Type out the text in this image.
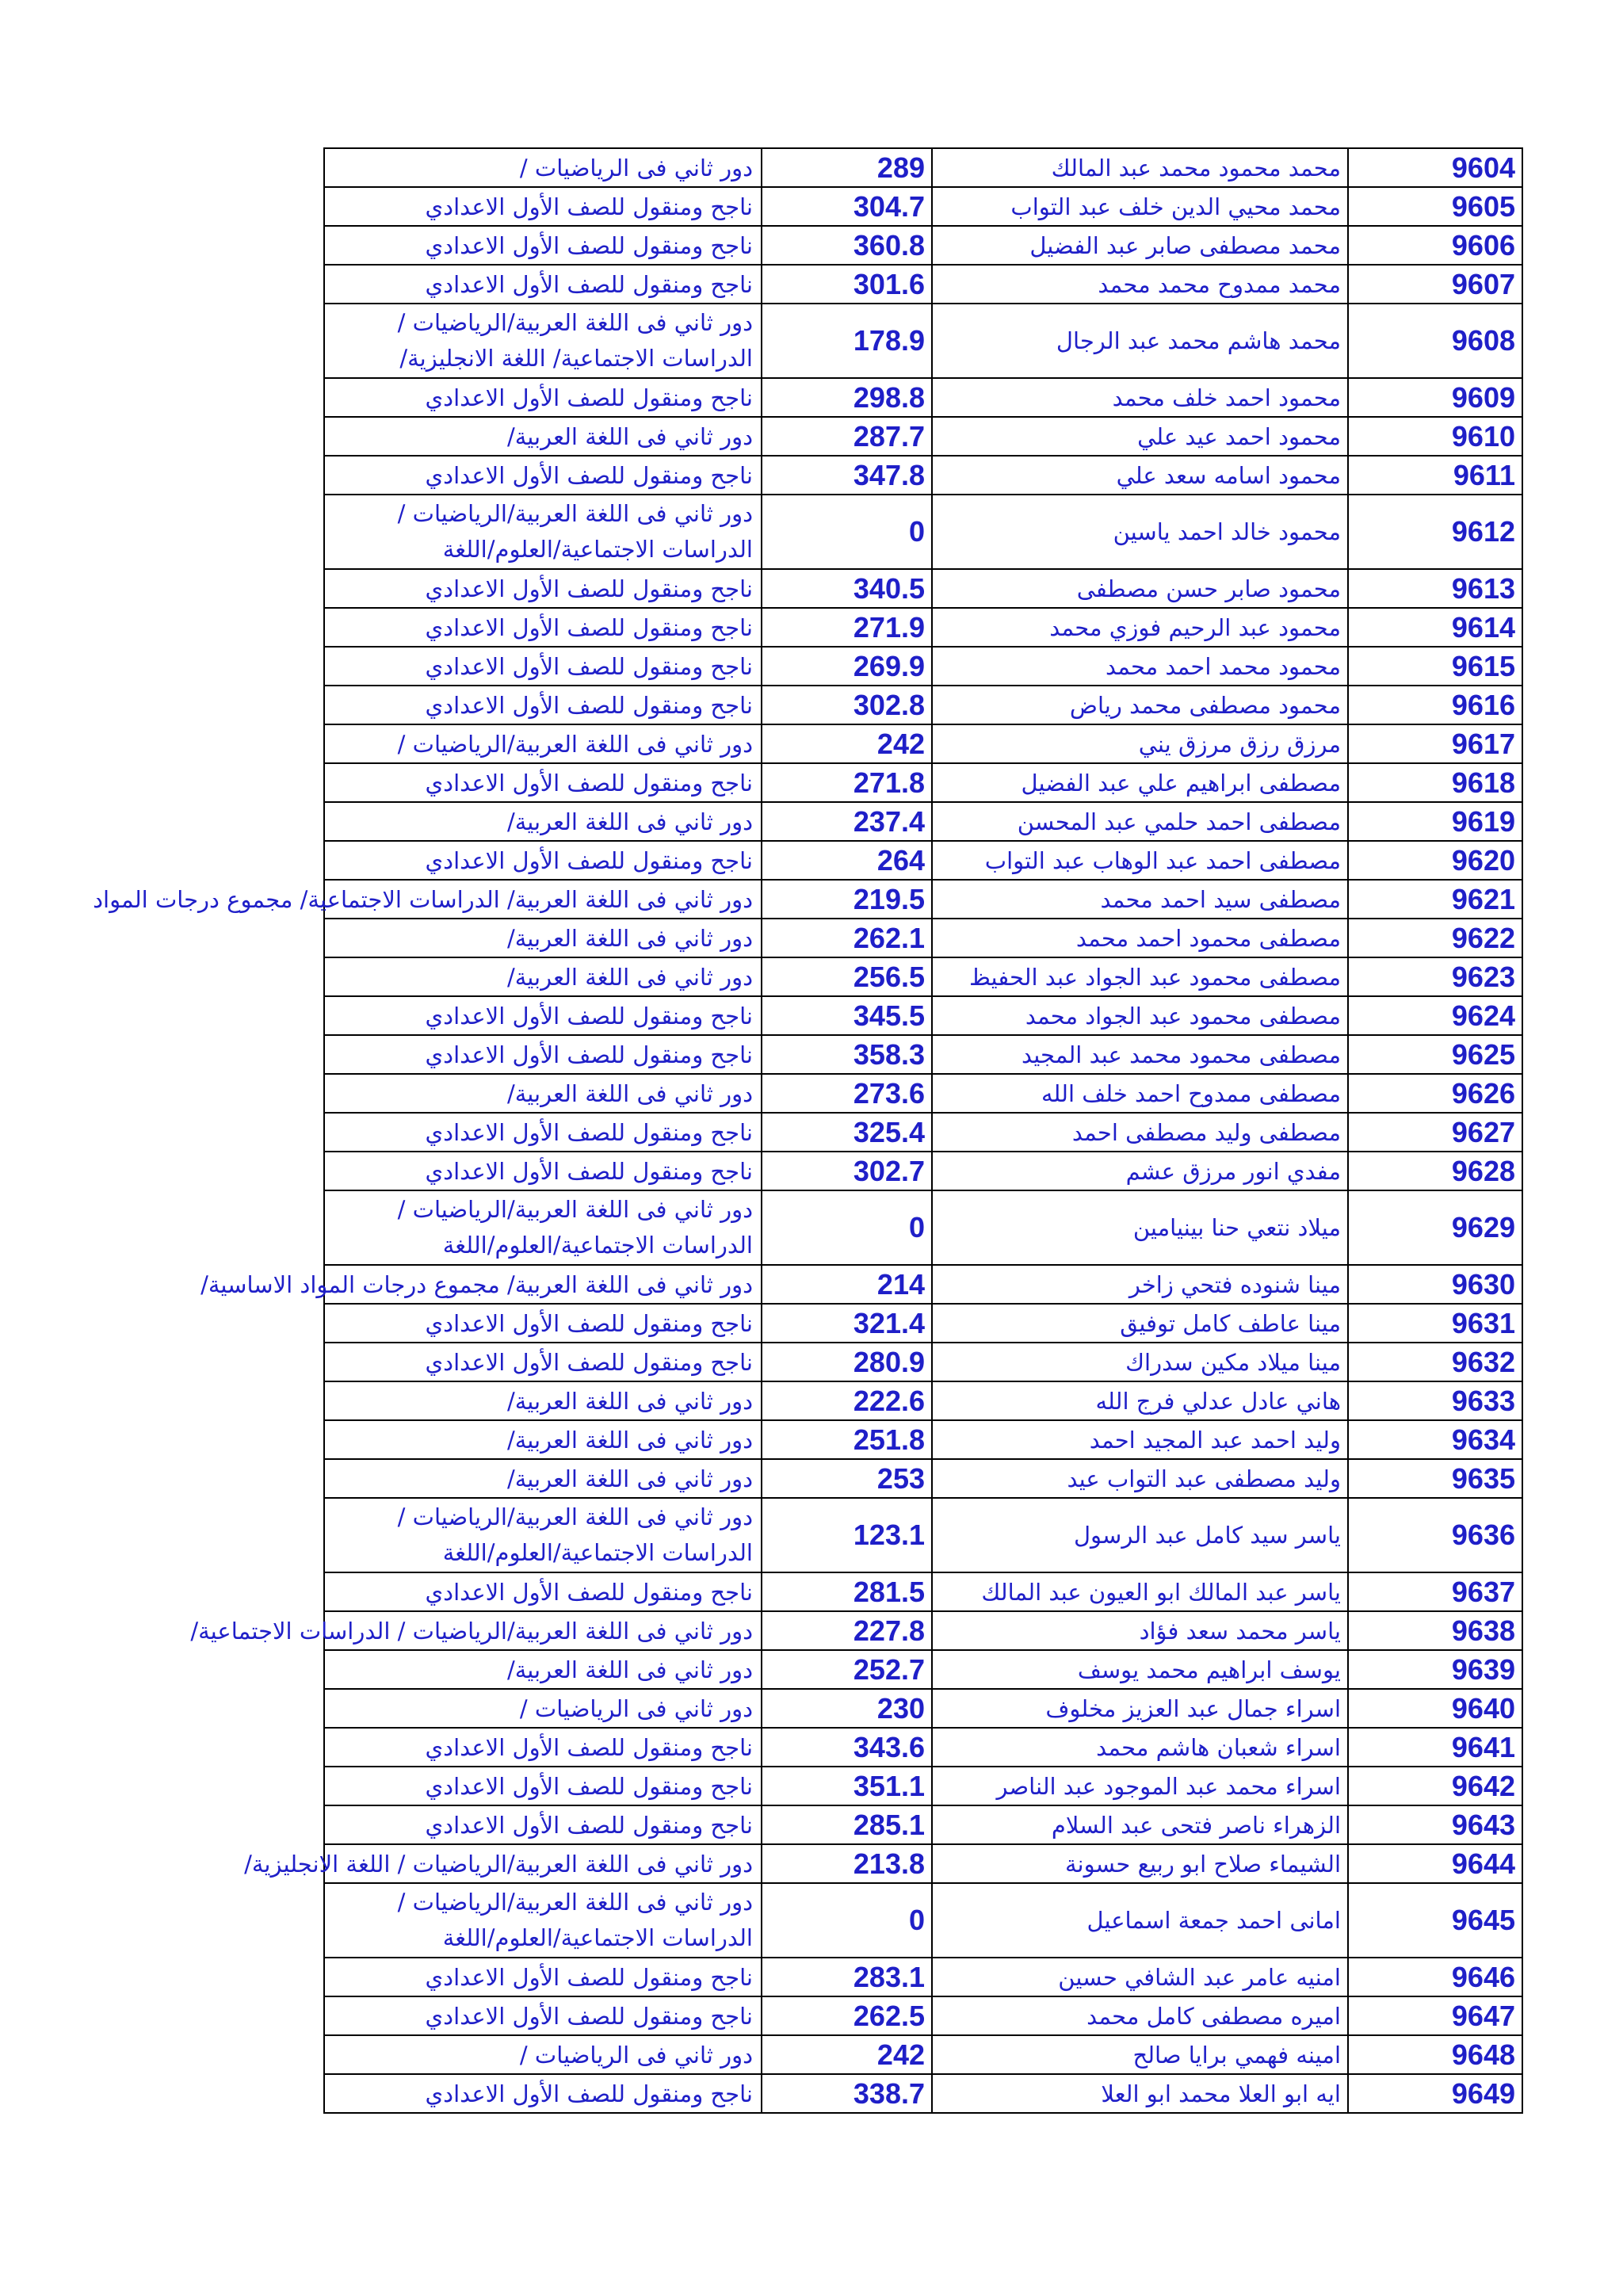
دور ثاني فى الرياضيات /	289	محمد محمود محمد عبد المالك	9604
ناجح ومنقول للصف الأول الاعدادي	304.7	محمد محيي الدين خلف عبد التواب	9605
ناجح ومنقول للصف الأول الاعدادي	360.8	محمد مصطفى صابر عبد الفضيل	9606
ناجح ومنقول للصف الأول الاعدادي	301.6	محمد ممدوح محمد محمد	9607
دور ثاني فى اللغة العربية/الرياضيات / الدراسات الاجتماعية/ اللغة الانجليزية/	178.9	محمد هاشم محمد عبد الرجال	9608
ناجح ومنقول للصف الأول الاعدادي	298.8	محمود احمد خلف محمد	9609
دور ثاني فى اللغة العربية/	287.7	محمود احمد عيد علي	9610
ناجح ومنقول للصف الأول الاعدادي	347.8	محمود اسامه سعد علي	9611
دور ثاني فى اللغة العربية/الرياضيات / الدراسات الاجتماعية/العلوم/اللغة	0	محمود خالد احمد ياسين	9612
ناجح ومنقول للصف الأول الاعدادي	340.5	محمود صابر حسن مصطفى	9613
ناجح ومنقول للصف الأول الاعدادي	271.9	محمود عبد الرحيم فوزي محمد	9614
ناجح ومنقول للصف الأول الاعدادي	269.9	محمود محمد احمد محمد	9615
ناجح ومنقول للصف الأول الاعدادي	302.8	محمود مصطفى محمد رياض	9616
دور ثاني فى اللغة العربية/الرياضيات /	242	مرزق رزق مرزق يني	9617
ناجح ومنقول للصف الأول الاعدادي	271.8	مصطفى ابراهيم علي عبد الفضيل	9618
دور ثاني فى اللغة العربية/	237.4	مصطفى احمد حلمي عبد المحسن	9619
ناجح ومنقول للصف الأول الاعدادي	264	مصطفى احمد عبد الوهاب عبد التواب	9620
دور ثاني فى اللغة العربية/ الدراسات الاجتماعية/ مجموع درجات المواد	219.5	مصطفى سيد احمد محمد	9621
دور ثاني فى اللغة العربية/	262.1	مصطفى محمود احمد محمد	9622
دور ثاني فى اللغة العربية/	256.5	مصطفى محمود عبد الجواد عبد الحفيظ	9623
ناجح ومنقول للصف الأول الاعدادي	345.5	مصطفى محمود عبد الجواد محمد	9624
ناجح ومنقول للصف الأول الاعدادي	358.3	مصطفى محمود محمد عبد المجيد	9625
دور ثاني فى اللغة العربية/	273.6	مصطفى ممدوح احمد خلف الله	9626
ناجح ومنقول للصف الأول الاعدادي	325.4	مصطفى وليد مصطفى احمد	9627
ناجح ومنقول للصف الأول الاعدادي	302.7	مفدي انور مرزق عشم	9628
دور ثاني فى اللغة العربية/الرياضيات / الدراسات الاجتماعية/العلوم/اللغة	0	ميلاد نتعي حنا بينيامين	9629
دور ثاني فى اللغة العربية/ مجموع درجات المواد الاساسية/	214	مينا شنوده فتحي زاخر	9630
ناجح ومنقول للصف الأول الاعدادي	321.4	مينا عاطف كامل توفيق	9631
ناجح ومنقول للصف الأول الاعدادي	280.9	مينا ميلاد مكين سدراك	9632
دور ثاني فى اللغة العربية/	222.6	هاني عادل عدلي فرج الله	9633
دور ثاني فى اللغة العربية/	251.8	وليد احمد عبد المجيد احمد	9634
دور ثاني فى اللغة العربية/	253	وليد مصطفى عبد التواب عيد	9635
دور ثاني فى اللغة العربية/الرياضيات / الدراسات الاجتماعية/العلوم/اللغة	123.1	ياسر سيد كامل عبد الرسول	9636
ناجح ومنقول للصف الأول الاعدادي	281.5	ياسر عبد المالك ابو العيون عبد المالك	9637
دور ثاني فى اللغة العربية/الرياضيات / الدراسات الاجتماعية/	227.8	ياسر محمد سعد فؤاد	9638
دور ثاني فى اللغة العربية/	252.7	يوسف ابراهيم محمد يوسف	9639
دور ثاني فى الرياضيات /	230	اسراء جمال عبد العزيز مخلوف	9640
ناجح ومنقول للصف الأول الاعدادي	343.6	اسراء شعبان هاشم محمد	9641
ناجح ومنقول للصف الأول الاعدادي	351.1	اسراء محمد عبد الموجود عبد الناصر	9642
ناجح ومنقول للصف الأول الاعدادي	285.1	الزهراء ناصر فتحى عبد السلام	9643
دور ثاني فى اللغة العربية/الرياضيات / اللغة الانجليزية/	213.8	الشيماء صلاح ابو ربيع حسونة	9644
دور ثاني فى اللغة العربية/الرياضيات / الدراسات الاجتماعية/العلوم/اللغة	0	امانى احمد جمعة اسماعيل	9645
ناجح ومنقول للصف الأول الاعدادي	283.1	امنيه عامر عبد الشافي حسين	9646
ناجح ومنقول للصف الأول الاعدادي	262.5	اميره مصطفى كامل محمد	9647
دور ثاني فى الرياضيات /	242	امينه فهمي برايا صالح	9648
ناجح ومنقول للصف الأول الاعدادي	338.7	ايه ابو العلا محمد ابو العلا	9649
